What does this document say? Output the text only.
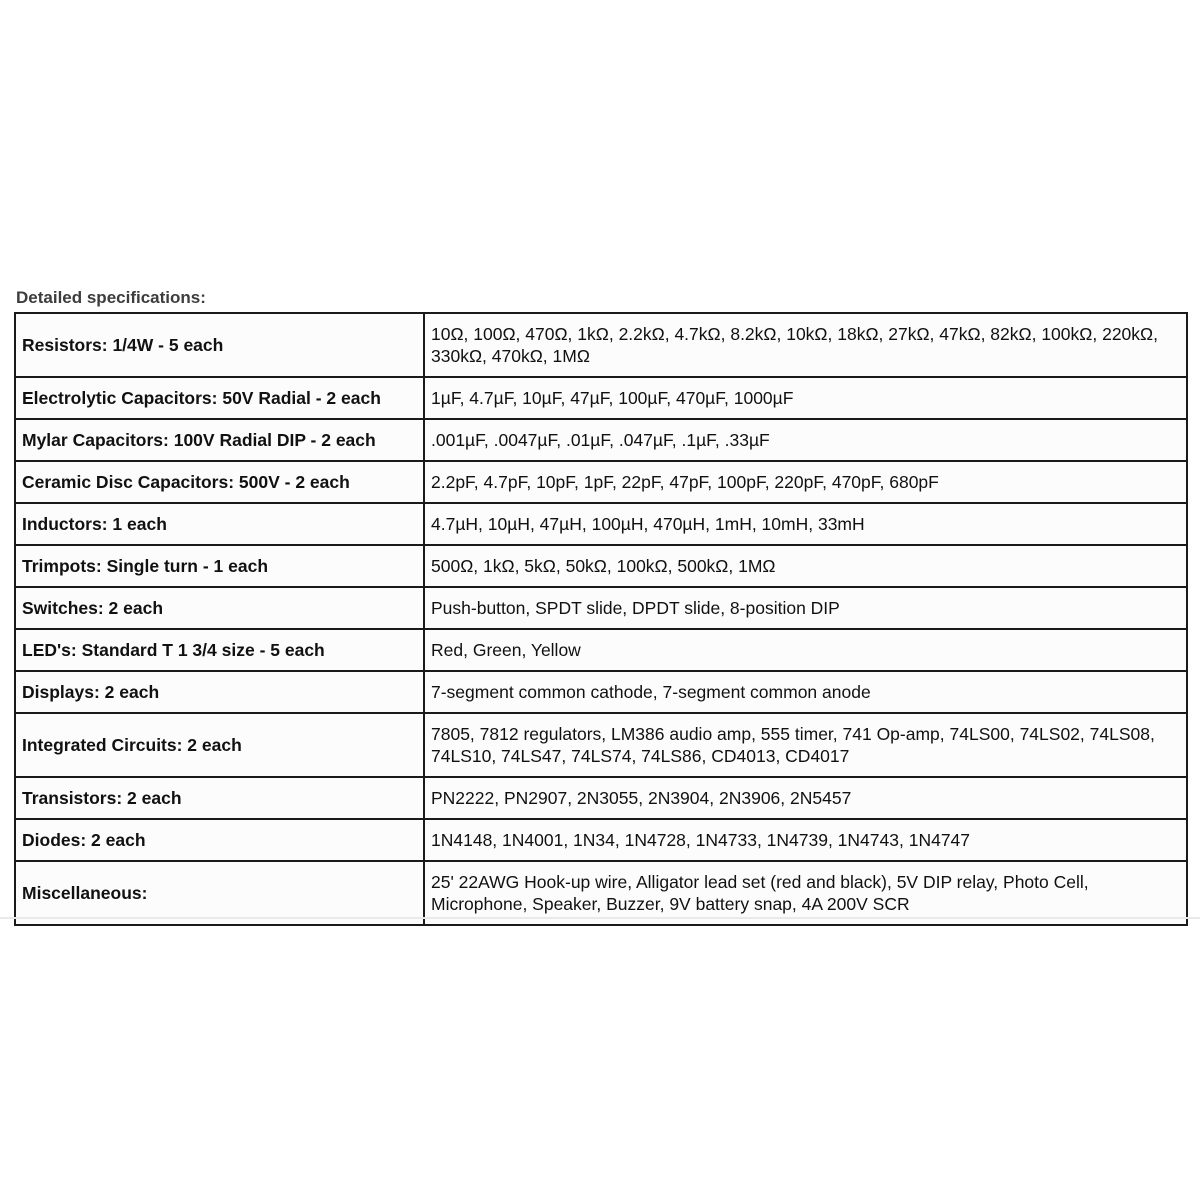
Detailed specifications:
Resistors: 1/4W - 5 each	10Ω, 100Ω, 470Ω, 1kΩ, 2.2kΩ, 4.7kΩ, 8.2kΩ, 10kΩ, 18kΩ, 27kΩ, 47kΩ, 82kΩ, 100kΩ, 220kΩ, 330kΩ, 470kΩ, 1MΩ
Electrolytic Capacitors: 50V Radial - 2 each	1µF, 4.7µF, 10µF, 47µF, 100µF, 470µF, 1000µF
Mylar Capacitors: 100V Radial DIP - 2 each	.001µF, .0047µF, .01µF, .047µF, .1µF, .33µF
Ceramic Disc Capacitors: 500V - 2 each	2.2pF, 4.7pF, 10pF, 1pF, 22pF, 47pF, 100pF, 220pF, 470pF, 680pF
Inductors: 1 each	4.7µH, 10µH, 47µH, 100µH, 470µH, 1mH, 10mH, 33mH
Trimpots: Single turn - 1 each	500Ω, 1kΩ, 5kΩ, 50kΩ, 100kΩ, 500kΩ, 1MΩ
Switches: 2 each	Push-button, SPDT slide, DPDT slide, 8-position DIP
LED's: Standard T 1 3/4 size - 5 each	Red, Green, Yellow
Displays: 2 each	7-segment common cathode, 7-segment common anode
Integrated Circuits: 2 each	7805, 7812 regulators, LM386 audio amp, 555 timer, 741 Op-amp, 74LS00, 74LS02, 74LS08, 74LS10, 74LS47, 74LS74, 74LS86, CD4013, CD4017
Transistors: 2 each	PN2222, PN2907, 2N3055, 2N3904, 2N3906, 2N5457
Diodes: 2 each	1N4148, 1N4001, 1N34, 1N4728, 1N4733, 1N4739, 1N4743, 1N4747
Miscellaneous:	25' 22AWG Hook-up wire, Alligator lead set (red and black), 5V DIP relay, Photo Cell, Microphone, Speaker, Buzzer, 9V battery snap, 4A 200V SCR
